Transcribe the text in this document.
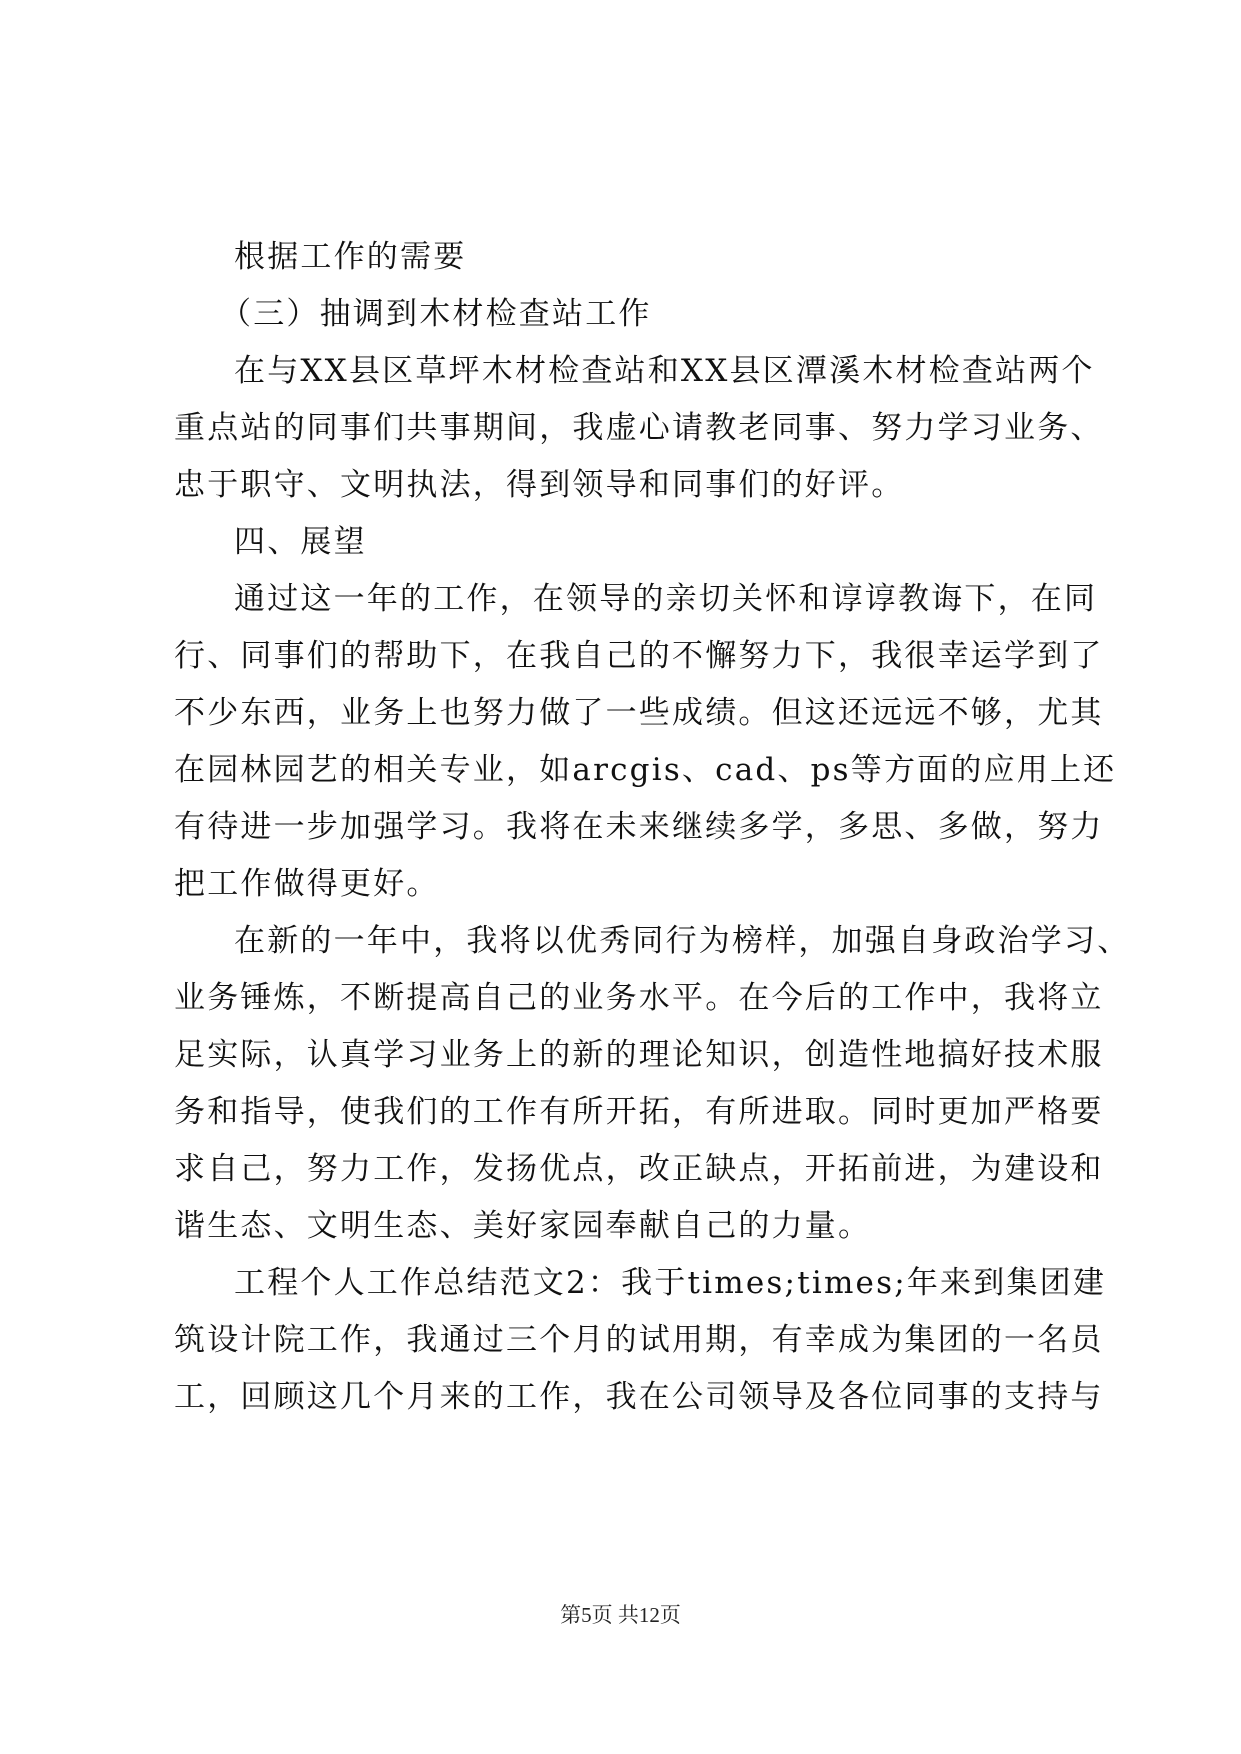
根据工作的需要
（三）抽调到木材检查站工作
在与XX县区草坪木材检查站和XX县区潭溪木材检查站两个
重点站的同事们共事期间，我虚心请教老同事、努力学习业务、
忠于职守、文明执法，得到领导和同事们的好评。
四、展望
通过这一年的工作，在领导的亲切关怀和谆谆教诲下，在同
行、同事们的帮助下，在我自己的不懈努力下，我很幸运学到了
不少东西，业务上也努力做了一些成绩。但这还远远不够，尤其
在园林园艺的相关专业，如arcgis、cad、ps等方面的应用上还
有待进一步加强学习。我将在未来继续多学，多思、多做，努力
把工作做得更好。
在新的一年中，我将以优秀同行为榜样，加强自身政治学习、
业务锤炼，不断提高自己的业务水平。在今后的工作中，我将立
足实际，认真学习业务上的新的理论知识，创造性地搞好技术服
务和指导，使我们的工作有所开拓，有所进取。同时更加严格要
求自己，努力工作，发扬优点，改正缺点，开拓前进，为建设和
谐生态、文明生态、美好家园奉献自己的力量。
工程个人工作总结范文2：我于times;times;年来到集团建
筑设计院工作，我通过三个月的试用期，有幸成为集团的一名员
工，回顾这几个月来的工作，我在公司领导及各位同事的支持与
第5页 共12页
